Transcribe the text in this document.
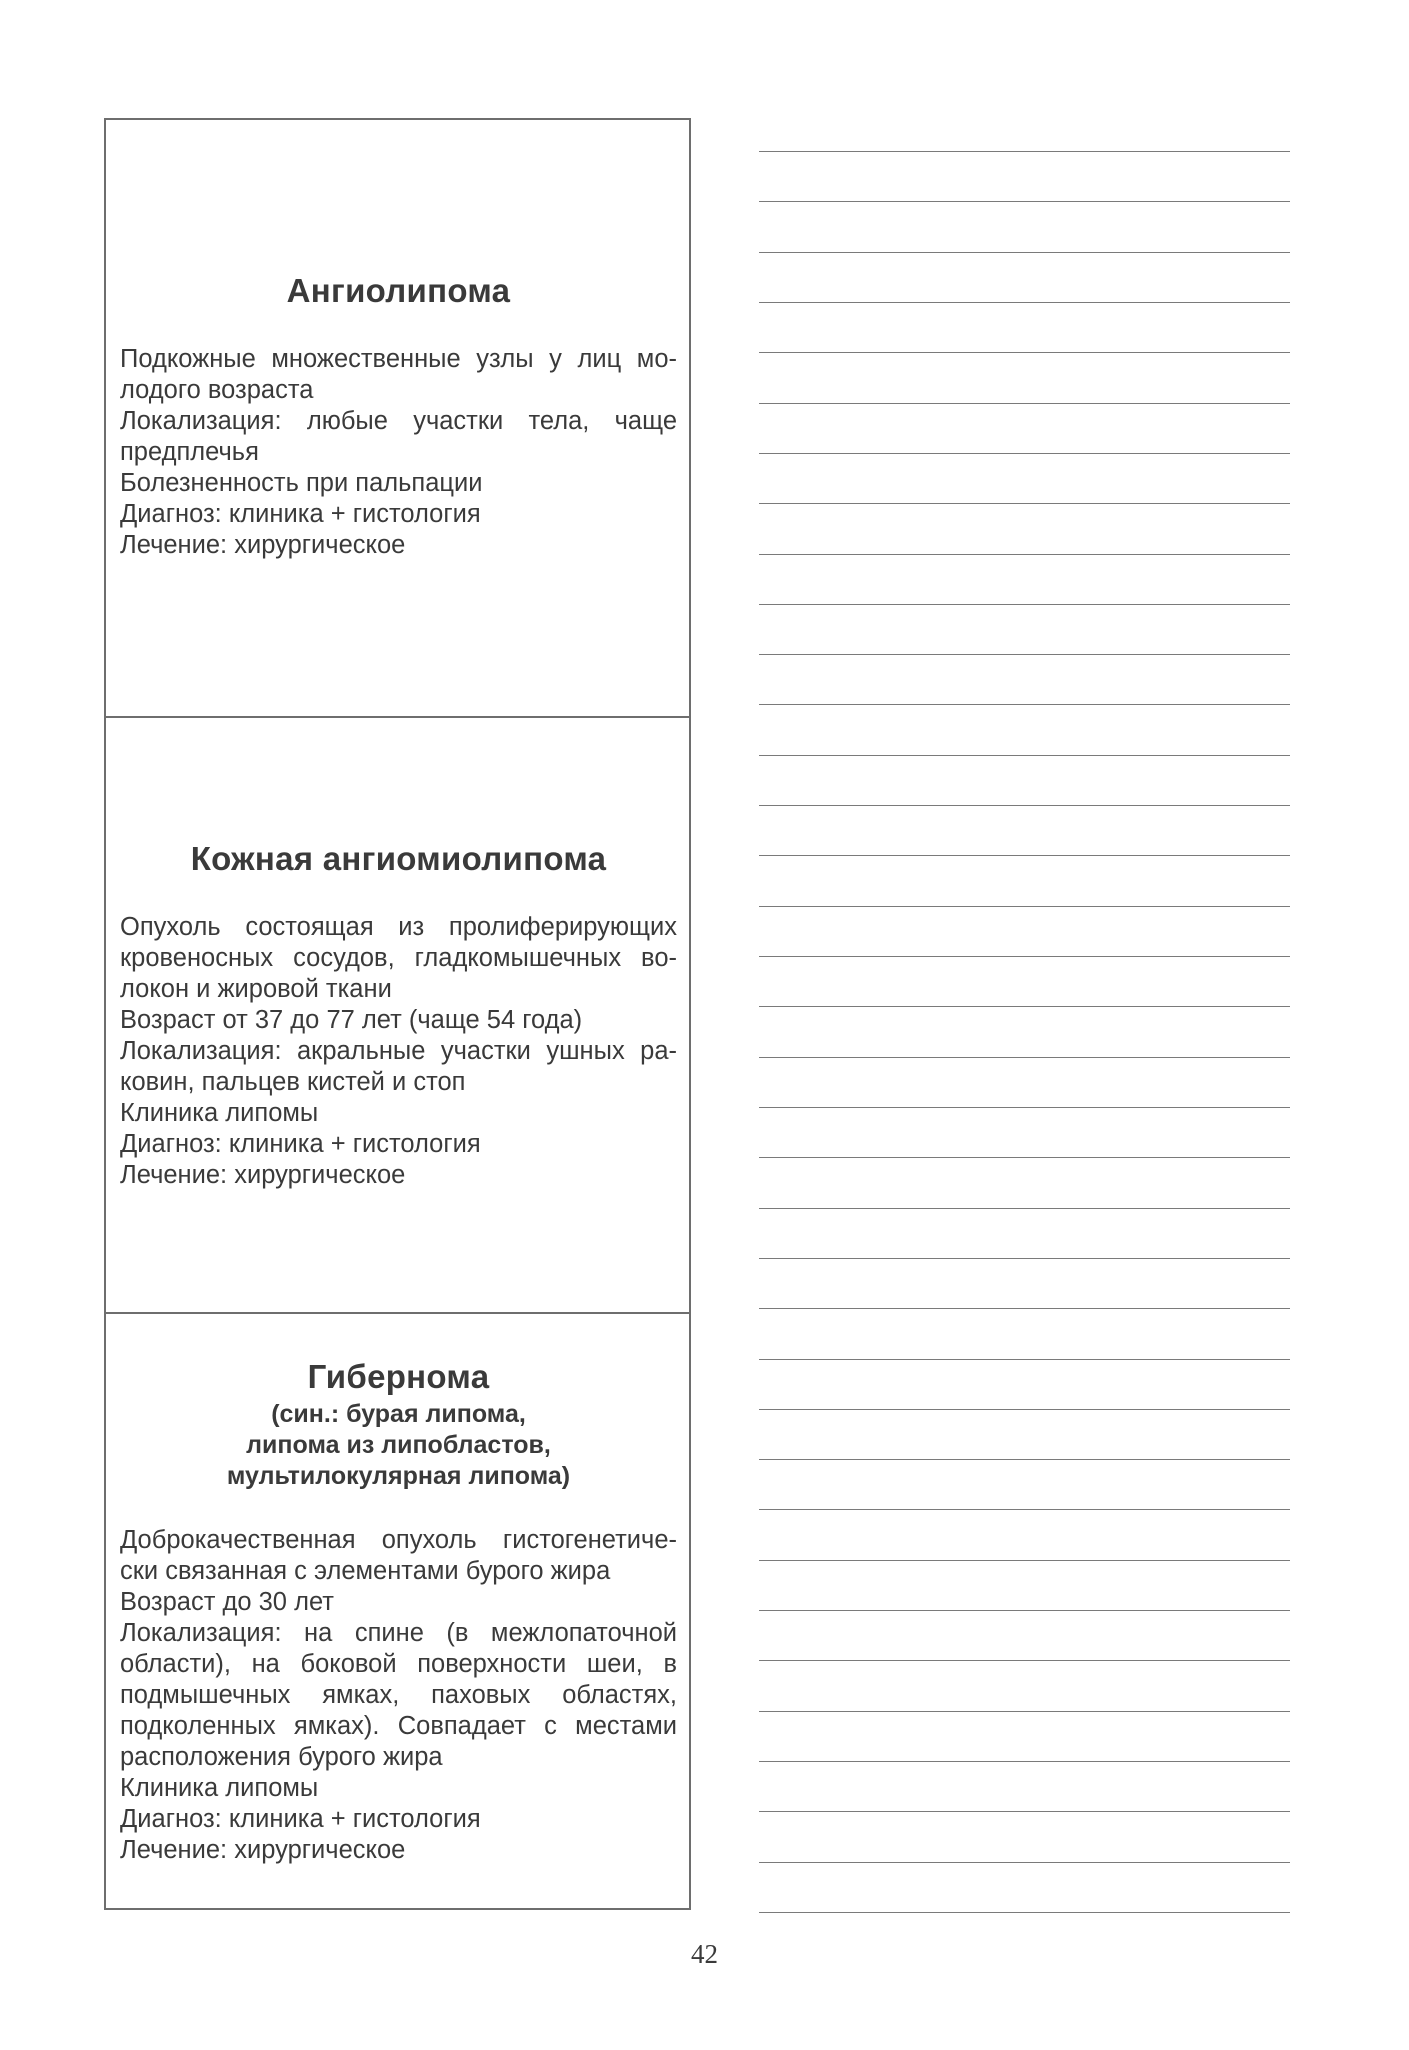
Ангиолипома

Подкожные множественные узлы у лиц мо-
лодого возраста
Локализация: любые участки тела, чаще
предплечья
Болезненность при пальпации
Диагноз: клиника + гистология
Лечение: хирургическое

Кожная ангиомиолипома

Опухоль состоящая из пролиферирующих
кровеносных сосудов, гладкомышечных во-
локон и жировой ткани
Возраст от 37 до 77 лет (чаще 54 года)
Локализация: акральные участки ушных ра-
ковин, пальцев кистей и стоп
Клиника липомы
Диагноз: клиника + гистология
Лечение: хирургическое

Гибернома

(син.: бурая липома,
липома из липобластов,
мультилокулярная липома)

Доброкачественная опухоль гистогенетиче-
ски связанная с элементами бурого жира
Возраст до 30 лет
Локализация: на спине (в межлопаточной
области), на боковой поверхности шеи, в
подмышечных ямках, паховых областях,
подколенных ямках). Совпадает с местами
расположения бурого жира
Клиника липомы
Диагноз: клиника + гистология
Лечение: хирургическое

42
